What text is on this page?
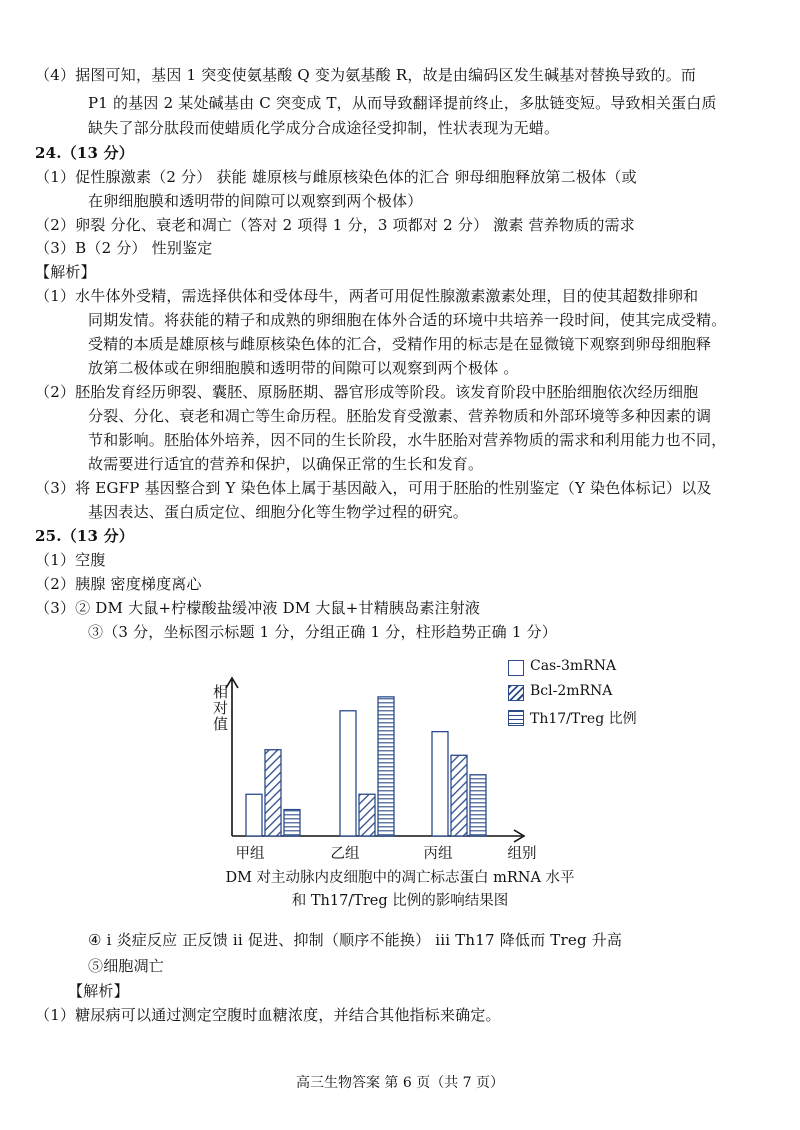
（4）据图可知，基因 1 突变使氨基酸 Q 变为氨基酸 R，故是由编码区发生碱基对替换导致的。而
P1 的基因 2 某处碱基由 C 突变成 T，从而导致翻译提前终止，多肽链变短。导致相关蛋白质
缺失了部分肽段而使蜡质化学成分合成途径受抑制，性状表现为无蜡。
24.（13 分）
（1）促性腺激素（2 分） 获能 雄原核与雌原核染色体的汇合 卵母细胞释放第二极体（或
在卵细胞膜和透明带的间隙可以观察到两个极体）
（2）卵裂 分化、衰老和凋亡（答对 2 项得 1 分，3 项都对 2 分） 激素 营养物质的需求
（3）B（2 分） 性别鉴定
【解析】
（1）水牛体外受精，需选择供体和受体母牛，两者可用促性腺激素激素处理，目的使其超数排卵和
同期发情。将获能的精子和成熟的卵细胞在体外合适的环境中共培养一段时间，使其完成受精。
受精的本质是雄原核与雌原核染色体的汇合，受精作用的标志是在显微镜下观察到卵母细胞释
放第二极体或在卵细胞膜和透明带的间隙可以观察到两个极体 。
（2）胚胎发育经历卵裂、囊胚、原肠胚期、器官形成等阶段。该发育阶段中胚胎细胞依次经历细胞
分裂、分化、衰老和凋亡等生命历程。胚胎发育受激素、营养物质和外部环境等多种因素的调
节和影响。胚胎体外培养，因不同的生长阶段，水牛胚胎对营养物质的需求和利用能力也不同，
故需要进行适宜的营养和保护，以确保正常的生长和发育。
（3）将 EGFP 基因整合到 Y 染色体上属于基因敲入，可用于胚胎的性别鉴定（Y 染色体标记）以及
基因表达、蛋白质定位、细胞分化等生物学过程的研究。
25.（13 分）
（1）空腹
（2）胰腺 密度梯度离心
（3）② DM 大鼠+柠檬酸盐缓冲液 DM 大鼠+甘精胰岛素注射液
③（3 分，坐标图示标题 1 分，分组正确 1 分，柱形趋势正确 1 分）
相对值
甲组	乙组	丙组	组别
Cas-3mRNA
Bcl-2mRNA
Th17/Treg 比例
DM 对主动脉内皮细胞中的凋亡标志蛋白 mRNA 水平
和 Th17/Treg 比例的影响结果图
④ i 炎症反应 正反馈 ii 促进、抑制（顺序不能换） iii Th17 降低而 Treg 升高
⑤细胞凋亡
【解析】
（1）糖尿病可以通过测定空腹时血糖浓度，并结合其他指标来确定。
高三生物答案 第 6 页（共 7 页）
